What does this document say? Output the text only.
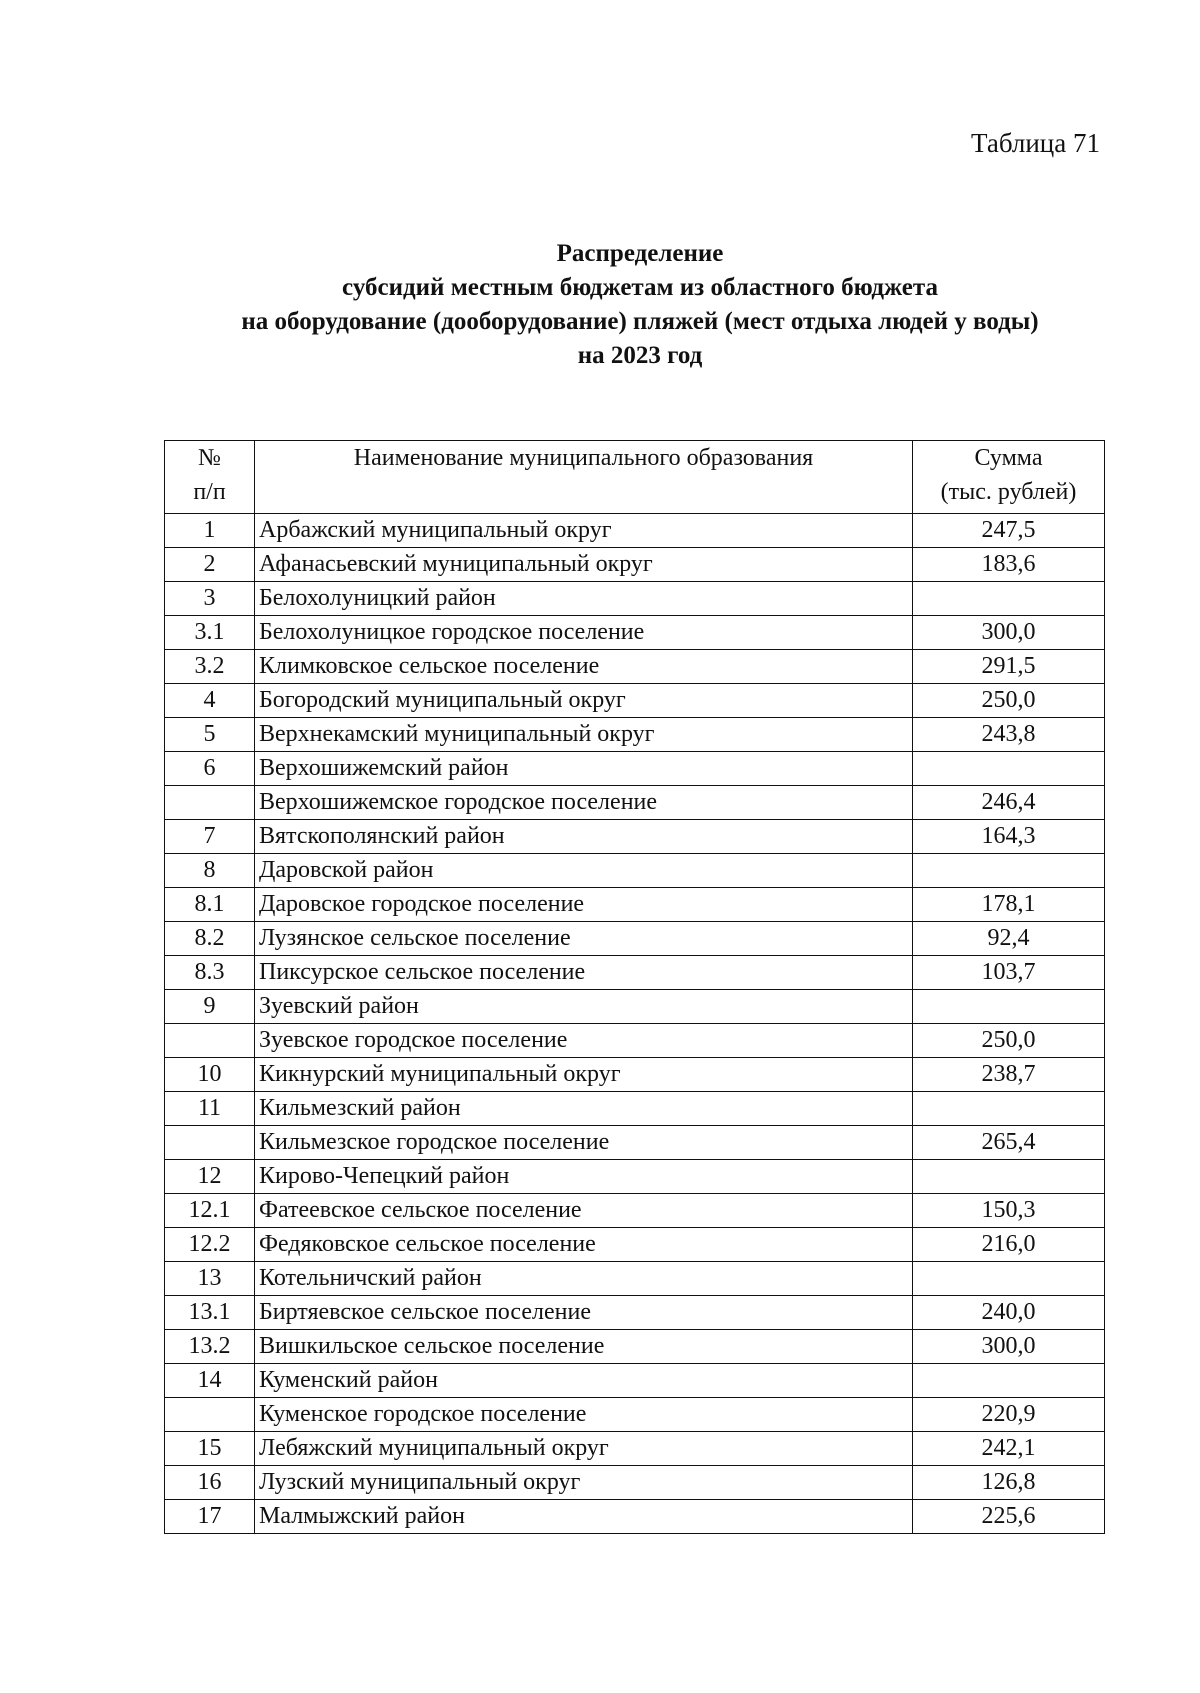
Таблица 71
Распределение
субсидий местным бюджетам из областного бюджета
на оборудование (дооборудование) пляжей (мест отдыха людей у воды)
на 2023 год
№
п/п	Наименование муниципального образования	Сумма
(тыс. рублей)

1	Арбажский муниципальный округ	247,5
2	Афанасьевский муниципальный округ	183,6
3	Белохолуницкий район	
3.1	Белохолуницкое городское поселение	300,0
3.2	Климковское сельское поселение	291,5
4	Богородский муниципальный округ	250,0
5	Верхнекамский муниципальный округ	243,8
6	Верхошижемский район	
	Верхошижемское городское поселение	246,4
7	Вятскополянский район	164,3
8	Даровской район	
8.1	Даровское городское поселение	178,1
8.2	Лузянское сельское поселение	92,4
8.3	Пиксурское сельское поселение	103,7
9	Зуевский район	
	Зуевское городское поселение	250,0
10	Кикнурский муниципальный округ	238,7
11	Кильмезский район	
	Кильмезское городское поселение	265,4
12	Кирово-Чепецкий район	
12.1	Фатеевское сельское поселение	150,3
12.2	Федяковское сельское поселение	216,0
13	Котельничский район	
13.1	Биртяевское сельское поселение	240,0
13.2	Вишкильское сельское поселение	300,0
14	Куменский район	
	Куменское городское поселение	220,9
15	Лебяжский муниципальный округ	242,1
16	Лузский муниципальный округ	126,8
17	Малмыжский район	225,6
